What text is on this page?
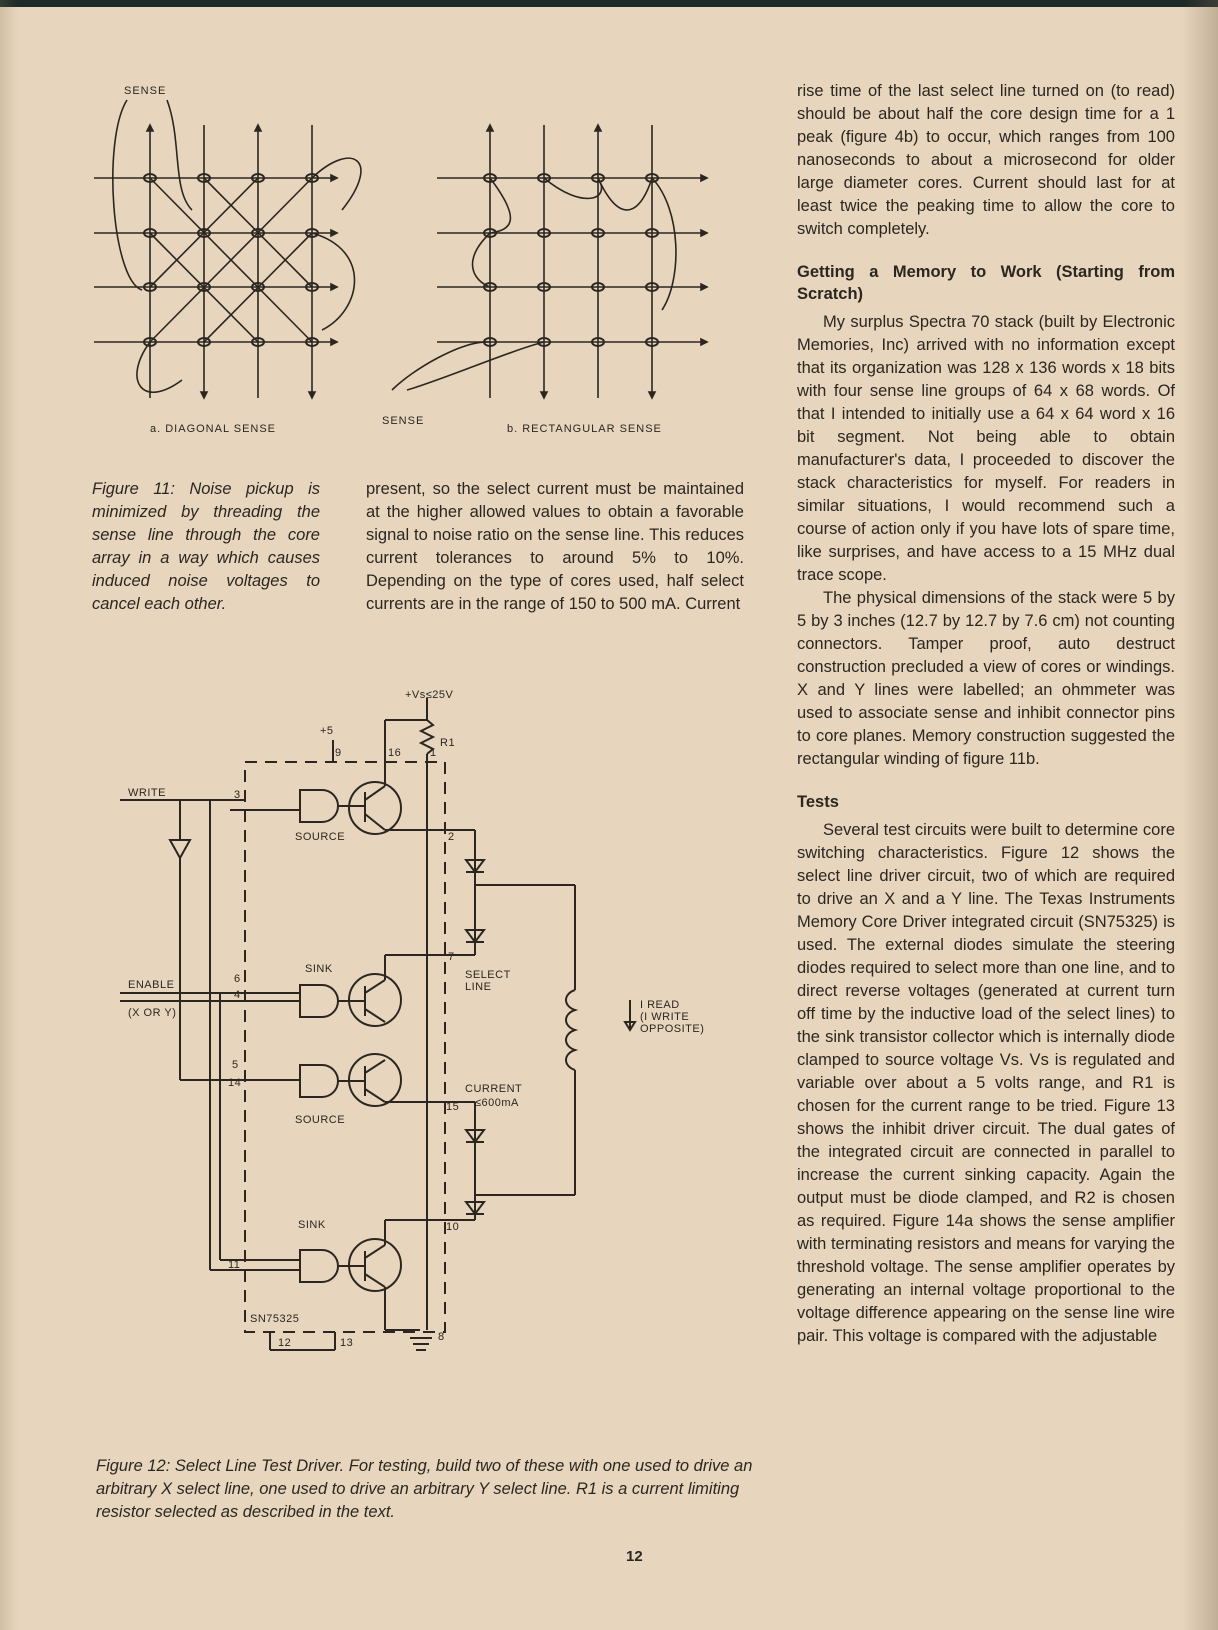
SENSE
SENSE
a. DIAGONAL SENSE	b. RECTANGULAR SENSE
Figure 11: Noise pickup is minimized by threading the sense line through the core array in a way which causes induced noise voltages to cancel each other.
present, so the select current must be maintained at the higher allowed values to obtain a favorable signal to noise ratio on the sense line. This reduces current tolerances to around 5% to 10%. Depending on the type of cores used, half select currents are in the range of 150 to 500 mA. Current
+Vs≤25V
R1
+5
WRITE
ENABLE
(X OR Y)
SOURCE
SINK
SOURCE
SINK
SELECT
LINE
CURRENT
≤600mA
I READ
(I WRITE
OPPOSITE)
SN75325
9	16	1
3
2
7
6
4
5
14
15
10
11
12	13	8
Figure 12: Select Line Test Driver. For testing, build two of these with one used to drive an arbitrary X select line, one used to drive an arbitrary Y select line. R1 is a current limiting resistor selected as described in the text.

rise time of the last select line turned on (to read) should be about half the core design time for a 1 peak (figure 4b) to occur, which ranges from 100 nanoseconds to about a microsecond for older large diameter cores. Current should last for at least twice the peaking time to allow the core to switch completely.

Getting a Memory to Work (Starting from Scratch)

My surplus Spectra 70 stack (built by Electronic Memories, Inc) arrived with no information except that its organization was 128 x 136 words x 18 bits with four sense line groups of 64 x 68 words. Of that I intended to initially use a 64 x 64 word x 16 bit segment. Not being able to obtain manufacturer's data, I proceeded to discover the stack characteristics for myself. For readers in similar situations, I would recommend such a course of action only if you have lots of spare time, like surprises, and have access to a 15 MHz dual trace scope.

The physical dimensions of the stack were 5 by 5 by 3 inches (12.7 by 12.7 by 7.6 cm) not counting connectors. Tamper proof, auto destruct construction precluded a view of cores or windings. X and Y lines were labelled; an ohmmeter was used to associate sense and inhibit connector pins to core planes. Memory construction suggested the rectangular winding of figure 11b.

Tests

Several test circuits were built to determine core switching characteristics. Figure 12 shows the select line driver circuit, two of which are required to drive an X and a Y line. The Texas Instruments Memory Core Driver integrated circuit (SN75325) is used. The external diodes simulate the steering diodes required to select more than one line, and to direct reverse voltages (generated at current turn off time by the inductive load of the select lines) to the sink transistor collector which is internally diode clamped to source voltage Vs. Vs is regulated and variable over about a 5 volts range, and R1 is chosen for the current range to be tried. Figure 13 shows the inhibit driver circuit. The dual gates of the integrated circuit are connected in parallel to increase the current sinking capacity. Again the output must be diode clamped, and R2 is chosen as required. Figure 14a shows the sense amplifier with terminating resistors and means for varying the threshold voltage. The sense amplifier operates by generating an internal voltage proportional to the voltage difference appearing on the sense line wire pair. This voltage is compared with the adjustable

12
